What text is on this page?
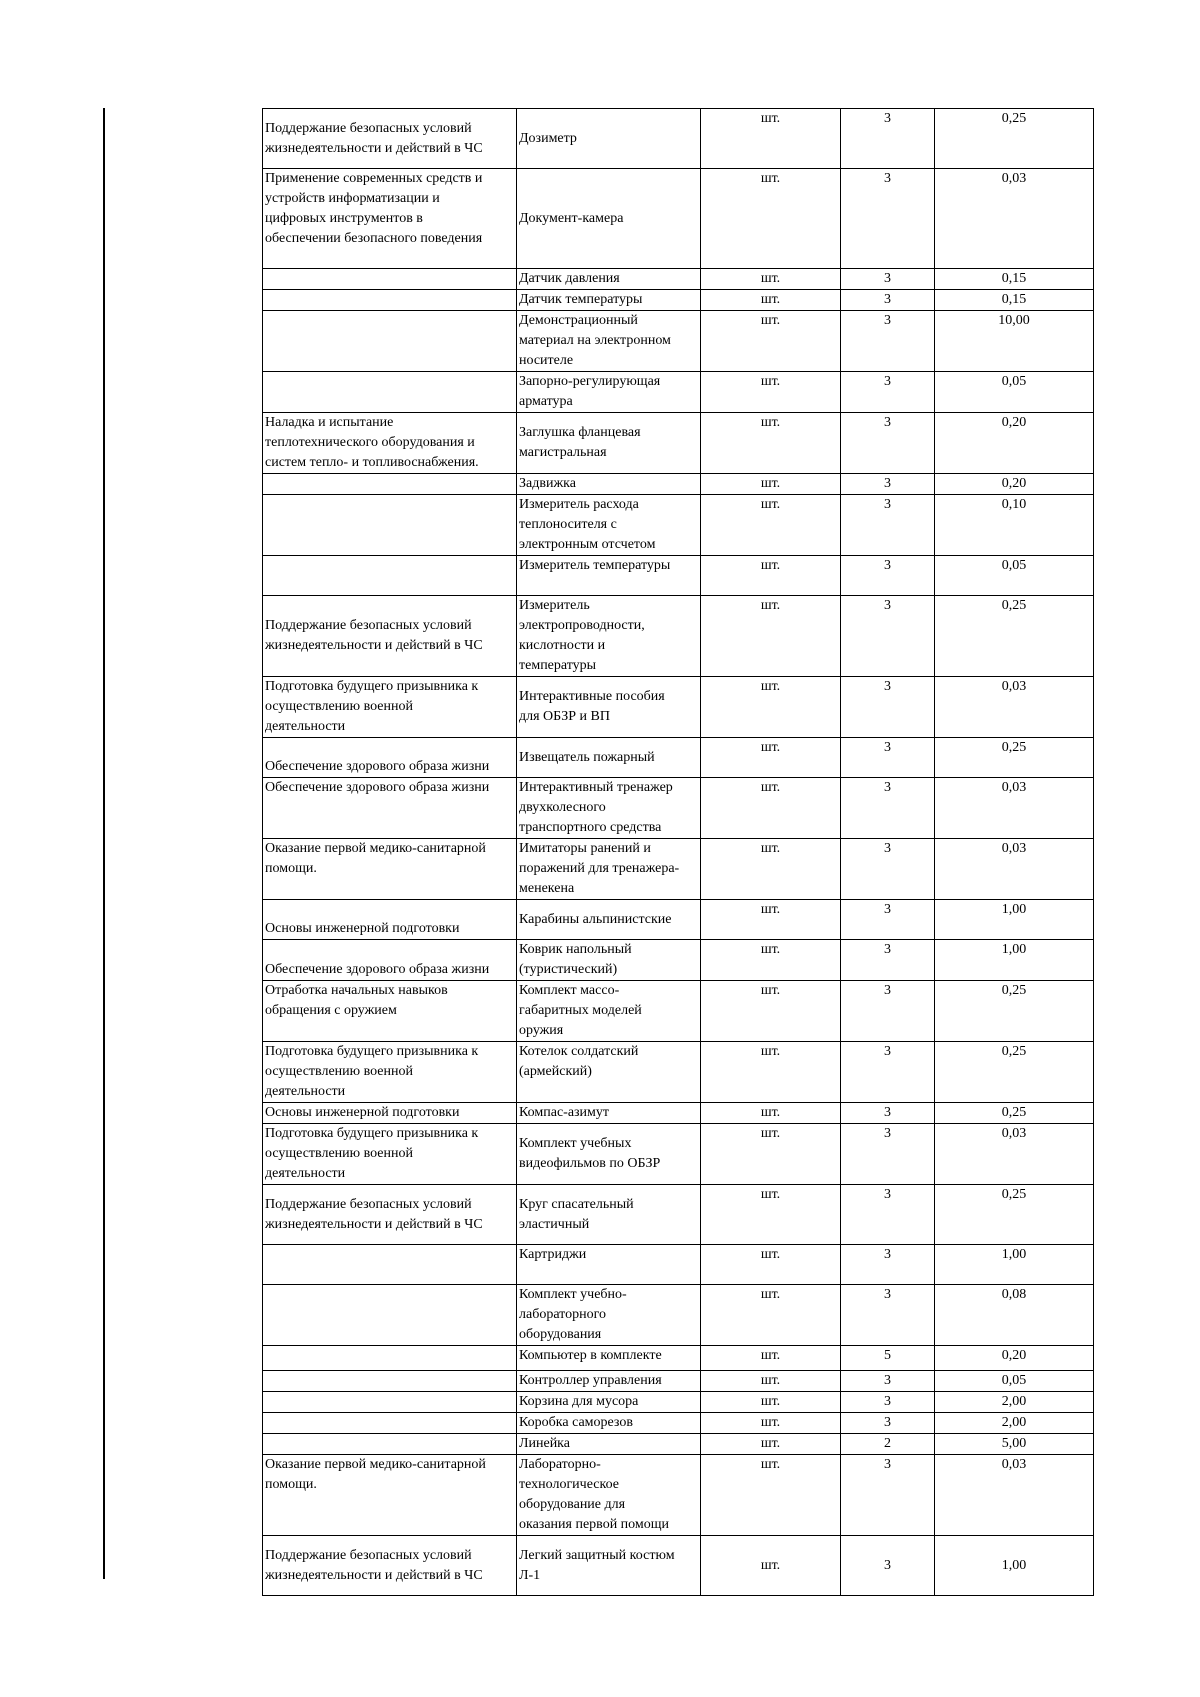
Поддержание безопасных условий
жизнедеятельности и действий в ЧС	Дозиметр	шт.	3	0,25
Применение современных средств и
устройств информатизации и
цифровых инструментов в
обеспечении безопасного поведения	Документ-камера	шт.	3	0,03
	Датчик давления	шт.	3	0,15
	Датчик температуры	шт.	3	0,15
	Демонстрационный
материал на электронном
носителе	шт.	3	10,00
	Запорно-регулирующая
арматура	шт.	3	0,05
Наладка и испытание
теплотехнического оборудования и
систем тепло- и топливоснабжения.	Заглушка фланцевая
магистральная	шт.	3	0,20
	Задвижка	шт.	3	0,20
	Измеритель расхода
теплоносителя с
электронным отсчетом	шт.	3	0,10
	Измеритель температуры	шт.	3	0,05
Поддержание безопасных условий
жизнедеятельности и действий в ЧС	Измеритель
электропроводности,
кислотности и
температуры	шт.	3	0,25
Подготовка будущего призывника к
осуществлению военной
деятельности	Интерактивные пособия
для ОБЗР и ВП	шт.	3	0,03
Обеспечение здорового образа жизни	Извещатель пожарный	шт.	3	0,25
Обеспечение здорового образа жизни	Интерактивный тренажер
двухколесного
транспортного средства	шт.	3	0,03
Оказание первой медико-санитарной
помощи.	Имитаторы ранений и
поражений для тренажера-
менекена	шт.	3	0,03
Основы инженерной подготовки	Карабины альпинистские	шт.	3	1,00
Обеспечение здорового образа жизни	Коврик напольный
(туристический)	шт.	3	1,00
Отработка начальных навыков
обращения с оружием	Комплект массо-
габаритных моделей
оружия	шт.	3	0,25
Подготовка будущего призывника к
осуществлению военной
деятельности	Котелок солдатский
(армейский)	шт.	3	0,25
Основы инженерной подготовки	Компас-азимут	шт.	3	0,25
Подготовка будущего призывника к
осуществлению военной
деятельности	Комплект учебных
видеофильмов по ОБЗР	шт.	3	0,03
Поддержание безопасных условий
жизнедеятельности и действий в ЧС	Круг спасательный
эластичный	шт.	3	0,25
	Картриджи	шт.	3	1,00
	Комплект учебно-
лабораторного
оборудования	шт.	3	0,08
	Компьютер в комплекте	шт.	5	0,20
	Контроллер управления	шт.	3	0,05
	Корзина для мусора	шт.	3	2,00
	Коробка саморезов	шт.	3	2,00
	Линейка	шт.	2	5,00
Оказание первой медико-санитарной
помощи.	Лабораторно-
технологическое
оборудование для
оказания первой помощи	шт.	3	0,03
Поддержание безопасных условий
жизнедеятельности и действий в ЧС	Легкий защитный костюм
Л-1	шт.	3	1,00
